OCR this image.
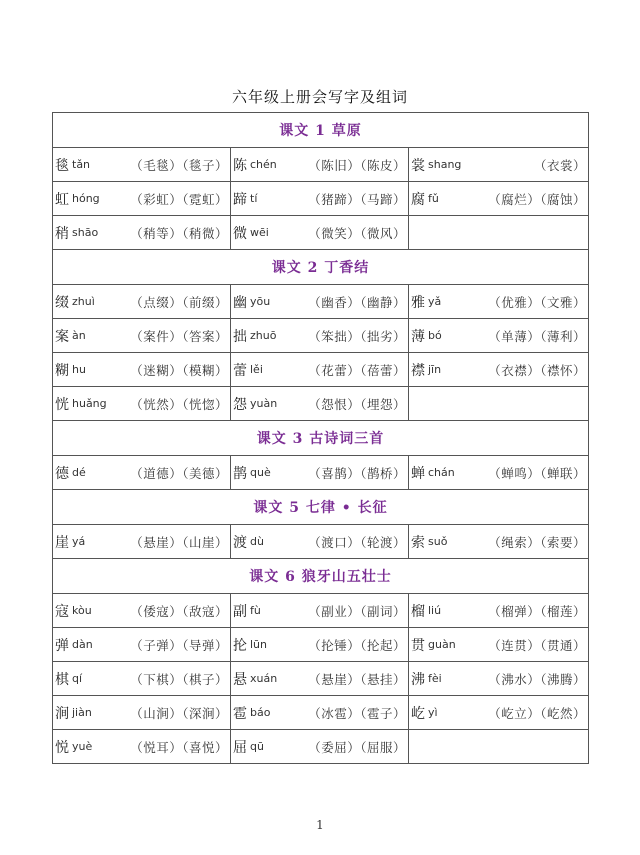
六年级上册会写字及组词
课文 1 草原		

毯 tǎn （毛毯）（毯子）	陈 chén （陈旧）（陈皮）	裳 shang （衣裳）

虹 hóng （彩虹）（霓虹）	蹄 tí （猪蹄）（马蹄）	腐 fǔ （腐烂）（腐蚀）

稍 shāo （稍等）（稍微）	微 wēi （微笑）（微风）	

课文 2 丁香结		

缀 zhuì （点缀）（前缀）	幽 yōu （幽香）（幽静）	雅 yǎ （优雅）（文雅）

案 àn （案件）（答案）	拙 zhuō （笨拙）（拙劣）	薄 bó （单薄）（薄利）

糊 hu （迷糊）（模糊）	蕾 lěi （花蕾）（蓓蕾）	襟 jīn （衣襟）（襟怀）

恍 huǎng （恍然）（恍惚）	怨 yuàn （怨恨）（埋怨）	

课文 3 古诗词三首		

德 dé （道德）（美德）	鹊 què （喜鹊）（鹊桥）	蝉 chán （蝉鸣）（蝉联）

课文 5 七律 • 长征		

崖 yá （悬崖）（山崖）	渡 dù （渡口）（轮渡）	索 suǒ （绳索）（索要）

课文 6 狼牙山五壮士		

寇 kòu （倭寇）（敌寇）	副 fù （副业）（副词）	榴 liú （榴弹）（榴莲）

弹 dàn （子弹）（导弹）	抡 lūn （抡锤）（抡起）	贯 guàn （连贯）（贯通）

棋 qí （下棋）（棋子）	悬 xuán （悬崖）（悬挂）	沸 fèi （沸水）（沸腾）

涧 jiàn （山涧）（深涧）	雹 báo （冰雹）（雹子）	屹 yì （屹立）（屹然）

悦 yuè （悦耳）（喜悦）	屈 qū （委屈）（屈服）	

1
